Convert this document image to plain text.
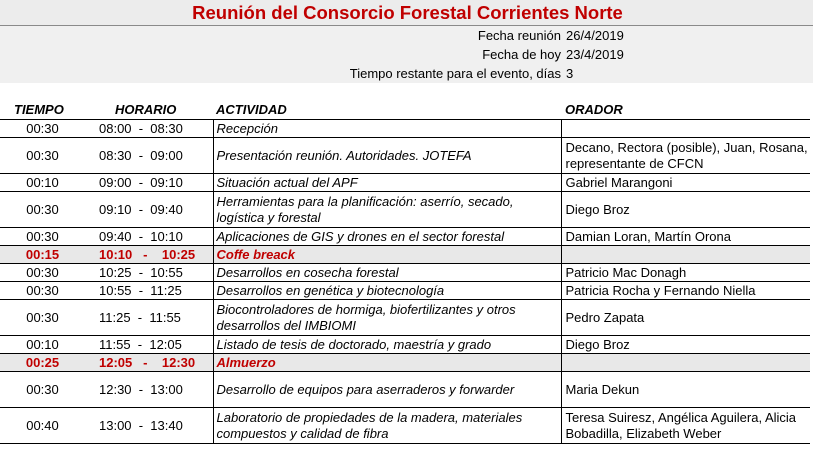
Reunión del Consorcio Forestal Corrientes Norte
Fecha reunión 26/4/2019
Fecha de hoy 23/4/2019
Tiempo restante para el evento, días 3
TIEMPO	HORARIO	ACTIVIDAD	ORADOR
00:30	08:00  -  08:30	Recepción	
00:30	08:30  -  09:00	Presentación reunión. Autoridades. JOTEFA	Decano, Rectora (posible), Juan, Rosana, representante de CFCN
00:10	09:00  -  09:10	Situación actual del APF	Gabriel Marangoni
00:30	09:10  -  09:40	Herramientas para la planificación: aserrío, secado, logística y forestal	Diego Broz
00:30	09:40  -  10:10	Aplicaciones de GIS y drones en el sector forestal	Damian Loran, Martín Orona
00:15	10:10   -    10:25	Coffe breack	
00:30	10:25  -  10:55	Desarrollos en cosecha forestal	Patricio Mac Donagh
00:30	10:55  -  11:25	Desarrollos en genética y biotecnología	Patricia Rocha y Fernando Niella
00:30	11:25  -  11:55	Biocontroladores de hormiga, biofertilizantes y otros desarrollos del IMBIOMI	Pedro Zapata
00:10	11:55  -  12:05	Listado de tesis de doctorado, maestría y grado	Diego Broz
00:25	12:05   -    12:30	Almuerzo	
00:30	12:30  -  13:00	Desarrollo de equipos para aserraderos y forwarder	Maria Dekun
00:40	13:00  -  13:40	Laboratorio de propiedades de la madera, materiales compuestos y calidad de fibra	Teresa Suiresz, Angélica Aguilera, Alicia Bobadilla, Elizabeth Weber
